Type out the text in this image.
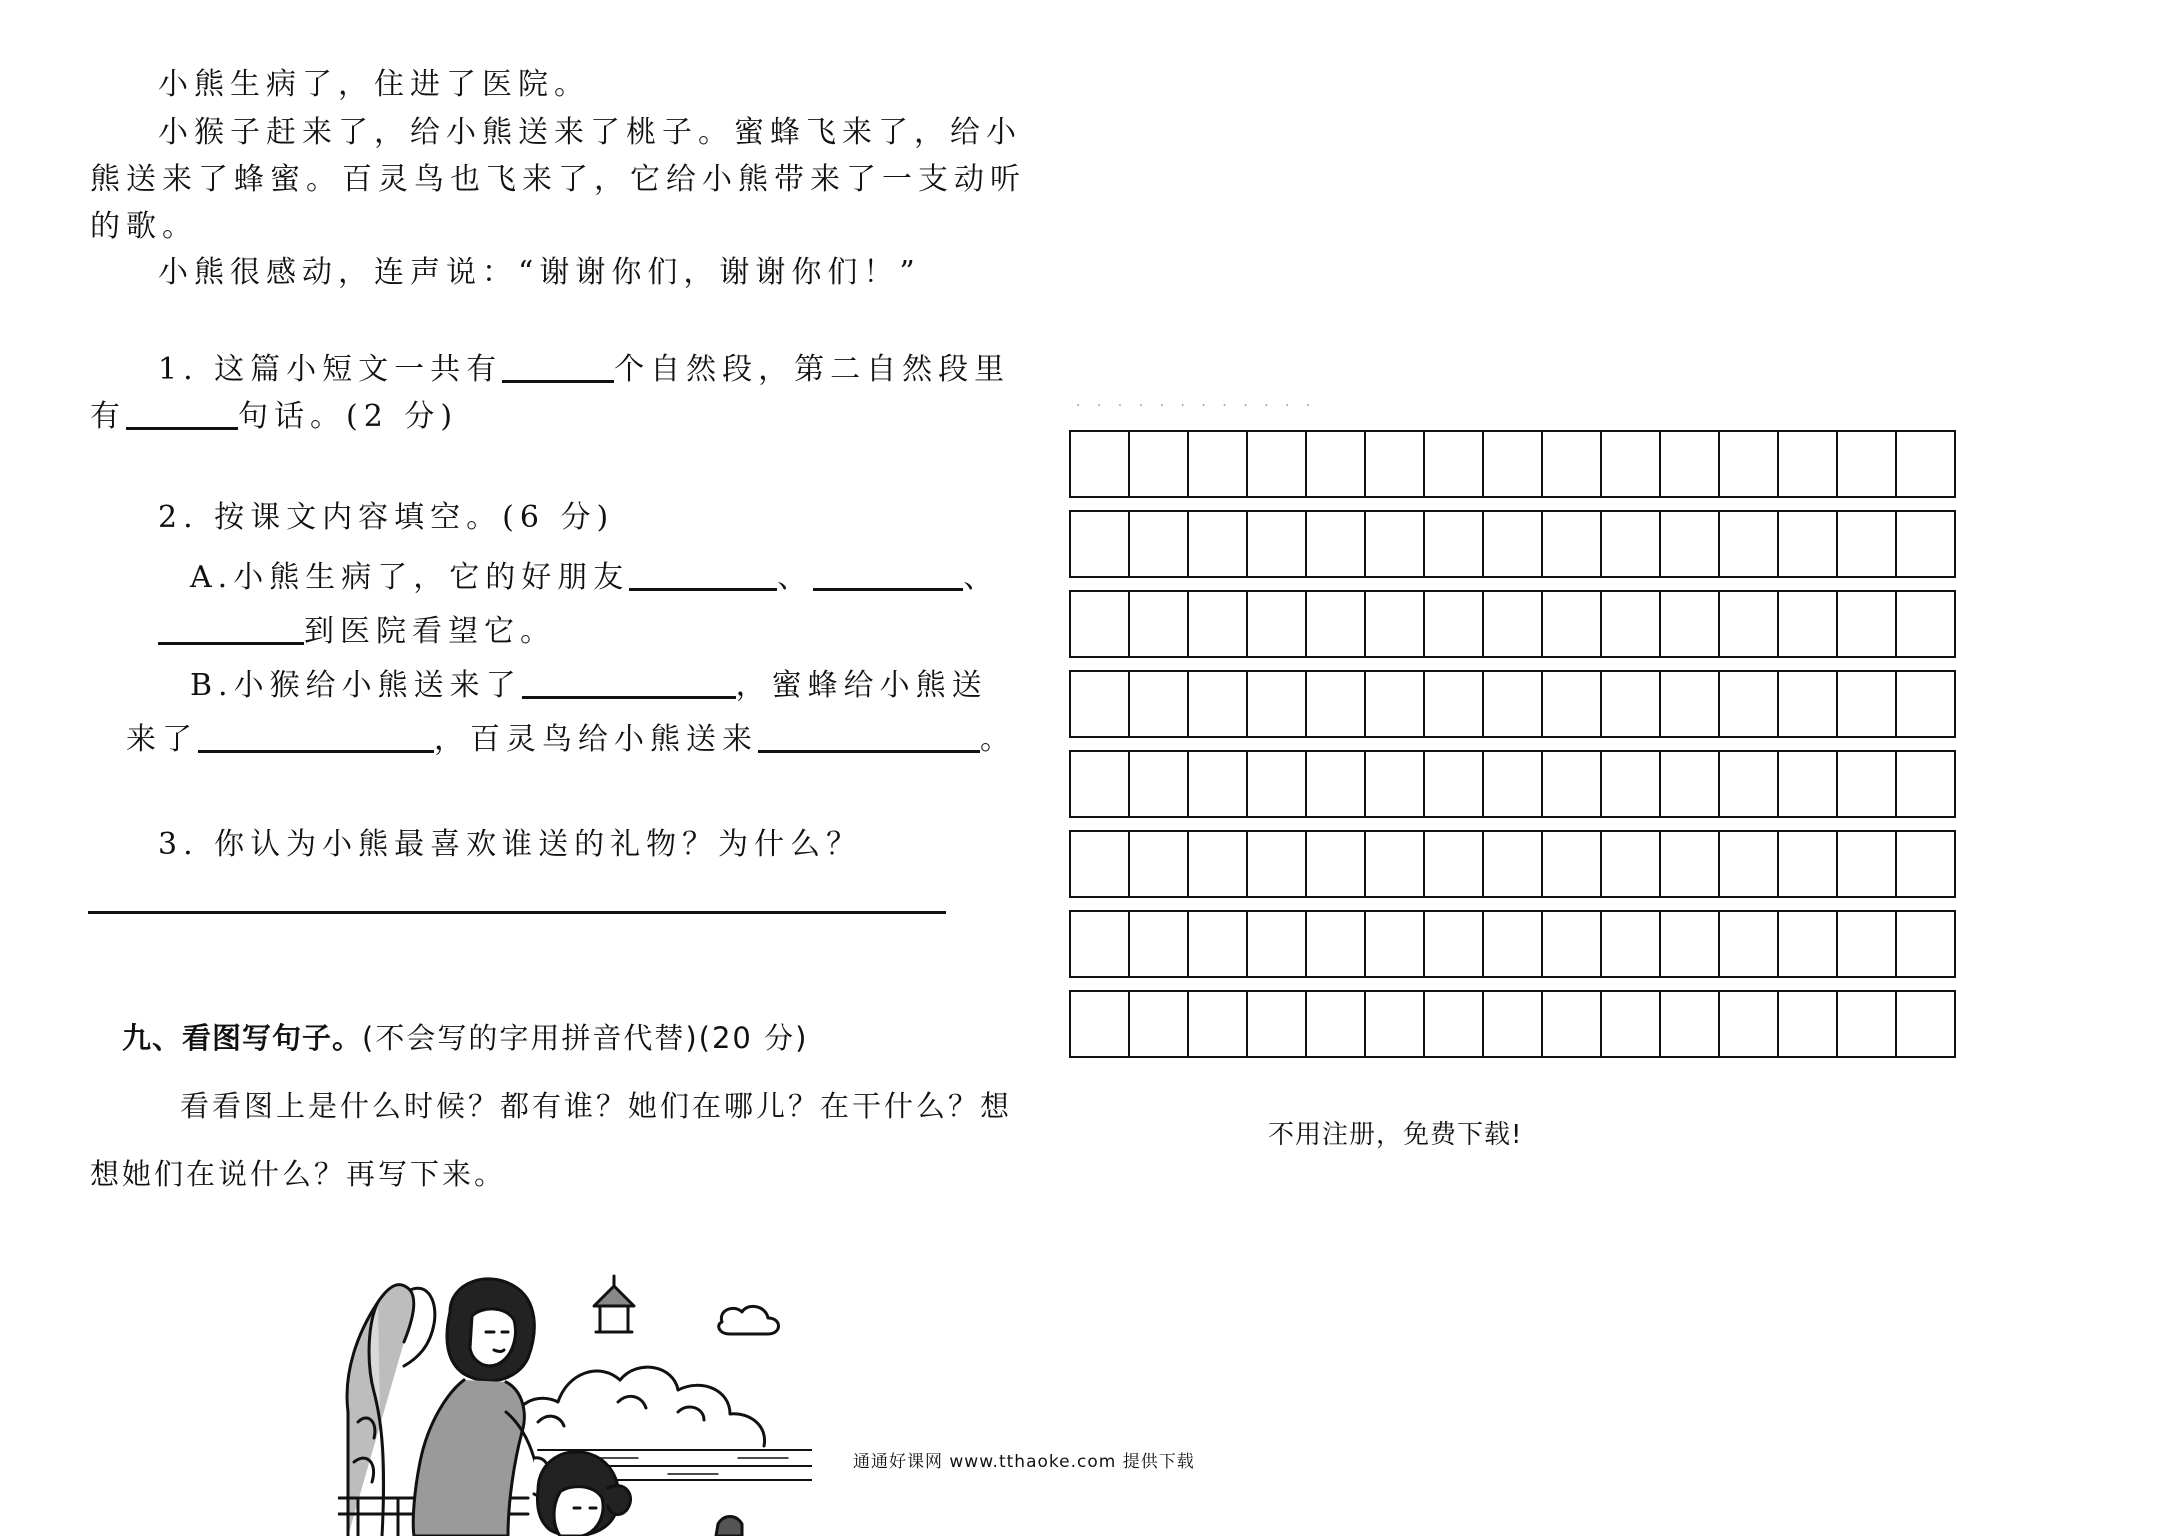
小熊生病了，住进了医院。
小猴子赶来了，给小熊送来了桃子。蜜蜂飞来了，给小
熊送来了蜂蜜。百灵鸟也飞来了，它给小熊带来了一支动听
的歌。
小熊很感动，连声说：“谢谢你们，谢谢你们！”
1. 这篇小短文一共有	个自然段，第二自然段里
有	句话。(2 分)
2. 按课文内容填空。(6 分)
A.小熊生病了，它的好朋友	、	、
到医院看望它。
B.小猴给小熊送来了	，蜜蜂给小熊送
来了	，百灵鸟给小熊送来	。
3. 你认为小熊最喜欢谁送的礼物？为什么？
九、看图写句子。(不会写的字用拼音代替)(20 分)
看看图上是什么时候？都有谁？她们在哪儿？在干什么？想
想她们在说什么？再写下来。
· · · · · · · · · · · ·
不用注册，免费下载!
通通好课网 www.tthaoke.com 提供下载
